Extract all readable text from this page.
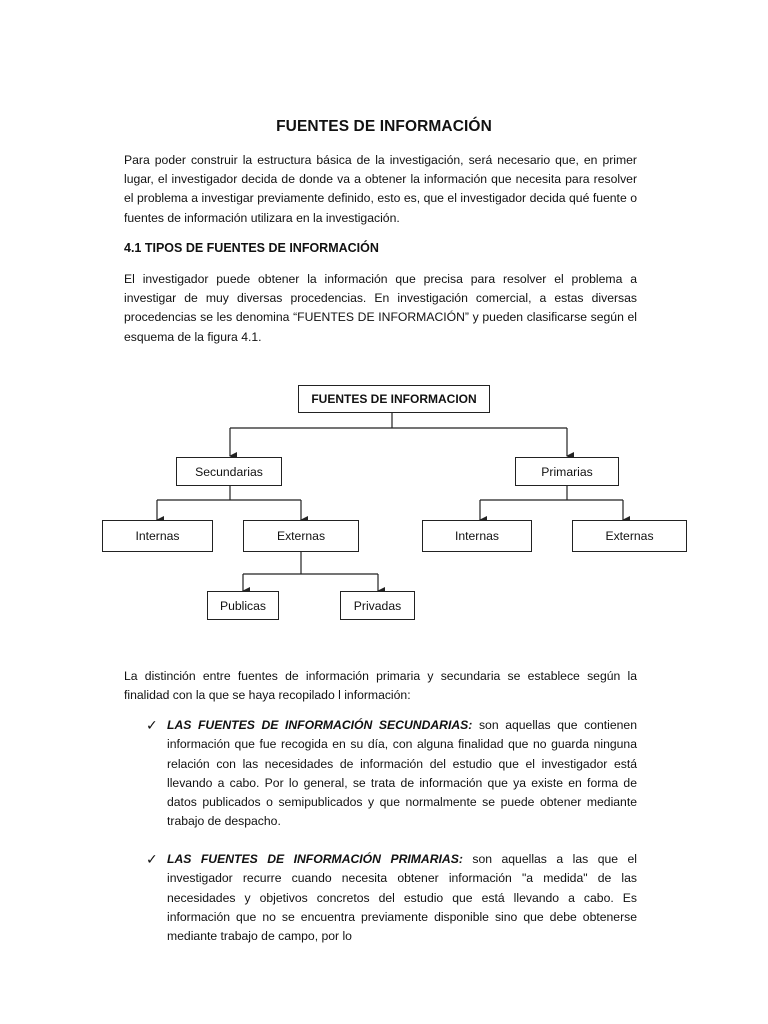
FUENTES DE INFORMACIÓN
Para poder construir la estructura básica de la investigación, será necesario que, en primer lugar, el investigador decida de donde va a obtener la información que necesita para resolver el problema a investigar previamente definido, esto es, que el investigador decida qué fuente o fuentes de información utilizara en la investigación.
4.1 TIPOS DE FUENTES DE INFORMACIÓN
El investigador puede obtener la información que precisa para resolver el problema a investigar de muy diversas procedencias. En investigación comercial, a estas diversas procedencias se les denomina “FUENTES DE INFORMACIÓN” y pueden clasificarse según el esquema de la figura 4.1.
FUENTES DE INFORMACION
Secundarias	Primarias
Internas	Externas	Internas	Externas
Publicas	Privadas
La distinción entre fuentes de información primaria y secundaria se establece según la finalidad con la que se haya recopilado l información:
✓ LAS FUENTES DE INFORMACIÓN SECUNDARIAS: son aquellas que contienen información que fue recogida en su día, con alguna finalidad que no guarda ninguna relación con las necesidades de información del estudio que el investigador está llevando a cabo. Por lo general, se trata de información que ya existe en forma de datos publicados o semipublicados y que normalmente se puede obtener mediante trabajo de despacho.
✓ LAS FUENTES DE INFORMACIÓN PRIMARIAS: son aquellas a las que el investigador recurre cuando necesita obtener información "a medida" de las necesidades y objetivos concretos del estudio que está llevando a cabo. Es información que no se encuentra previamente disponible sino que debe obtenerse mediante trabajo de campo, por lo
